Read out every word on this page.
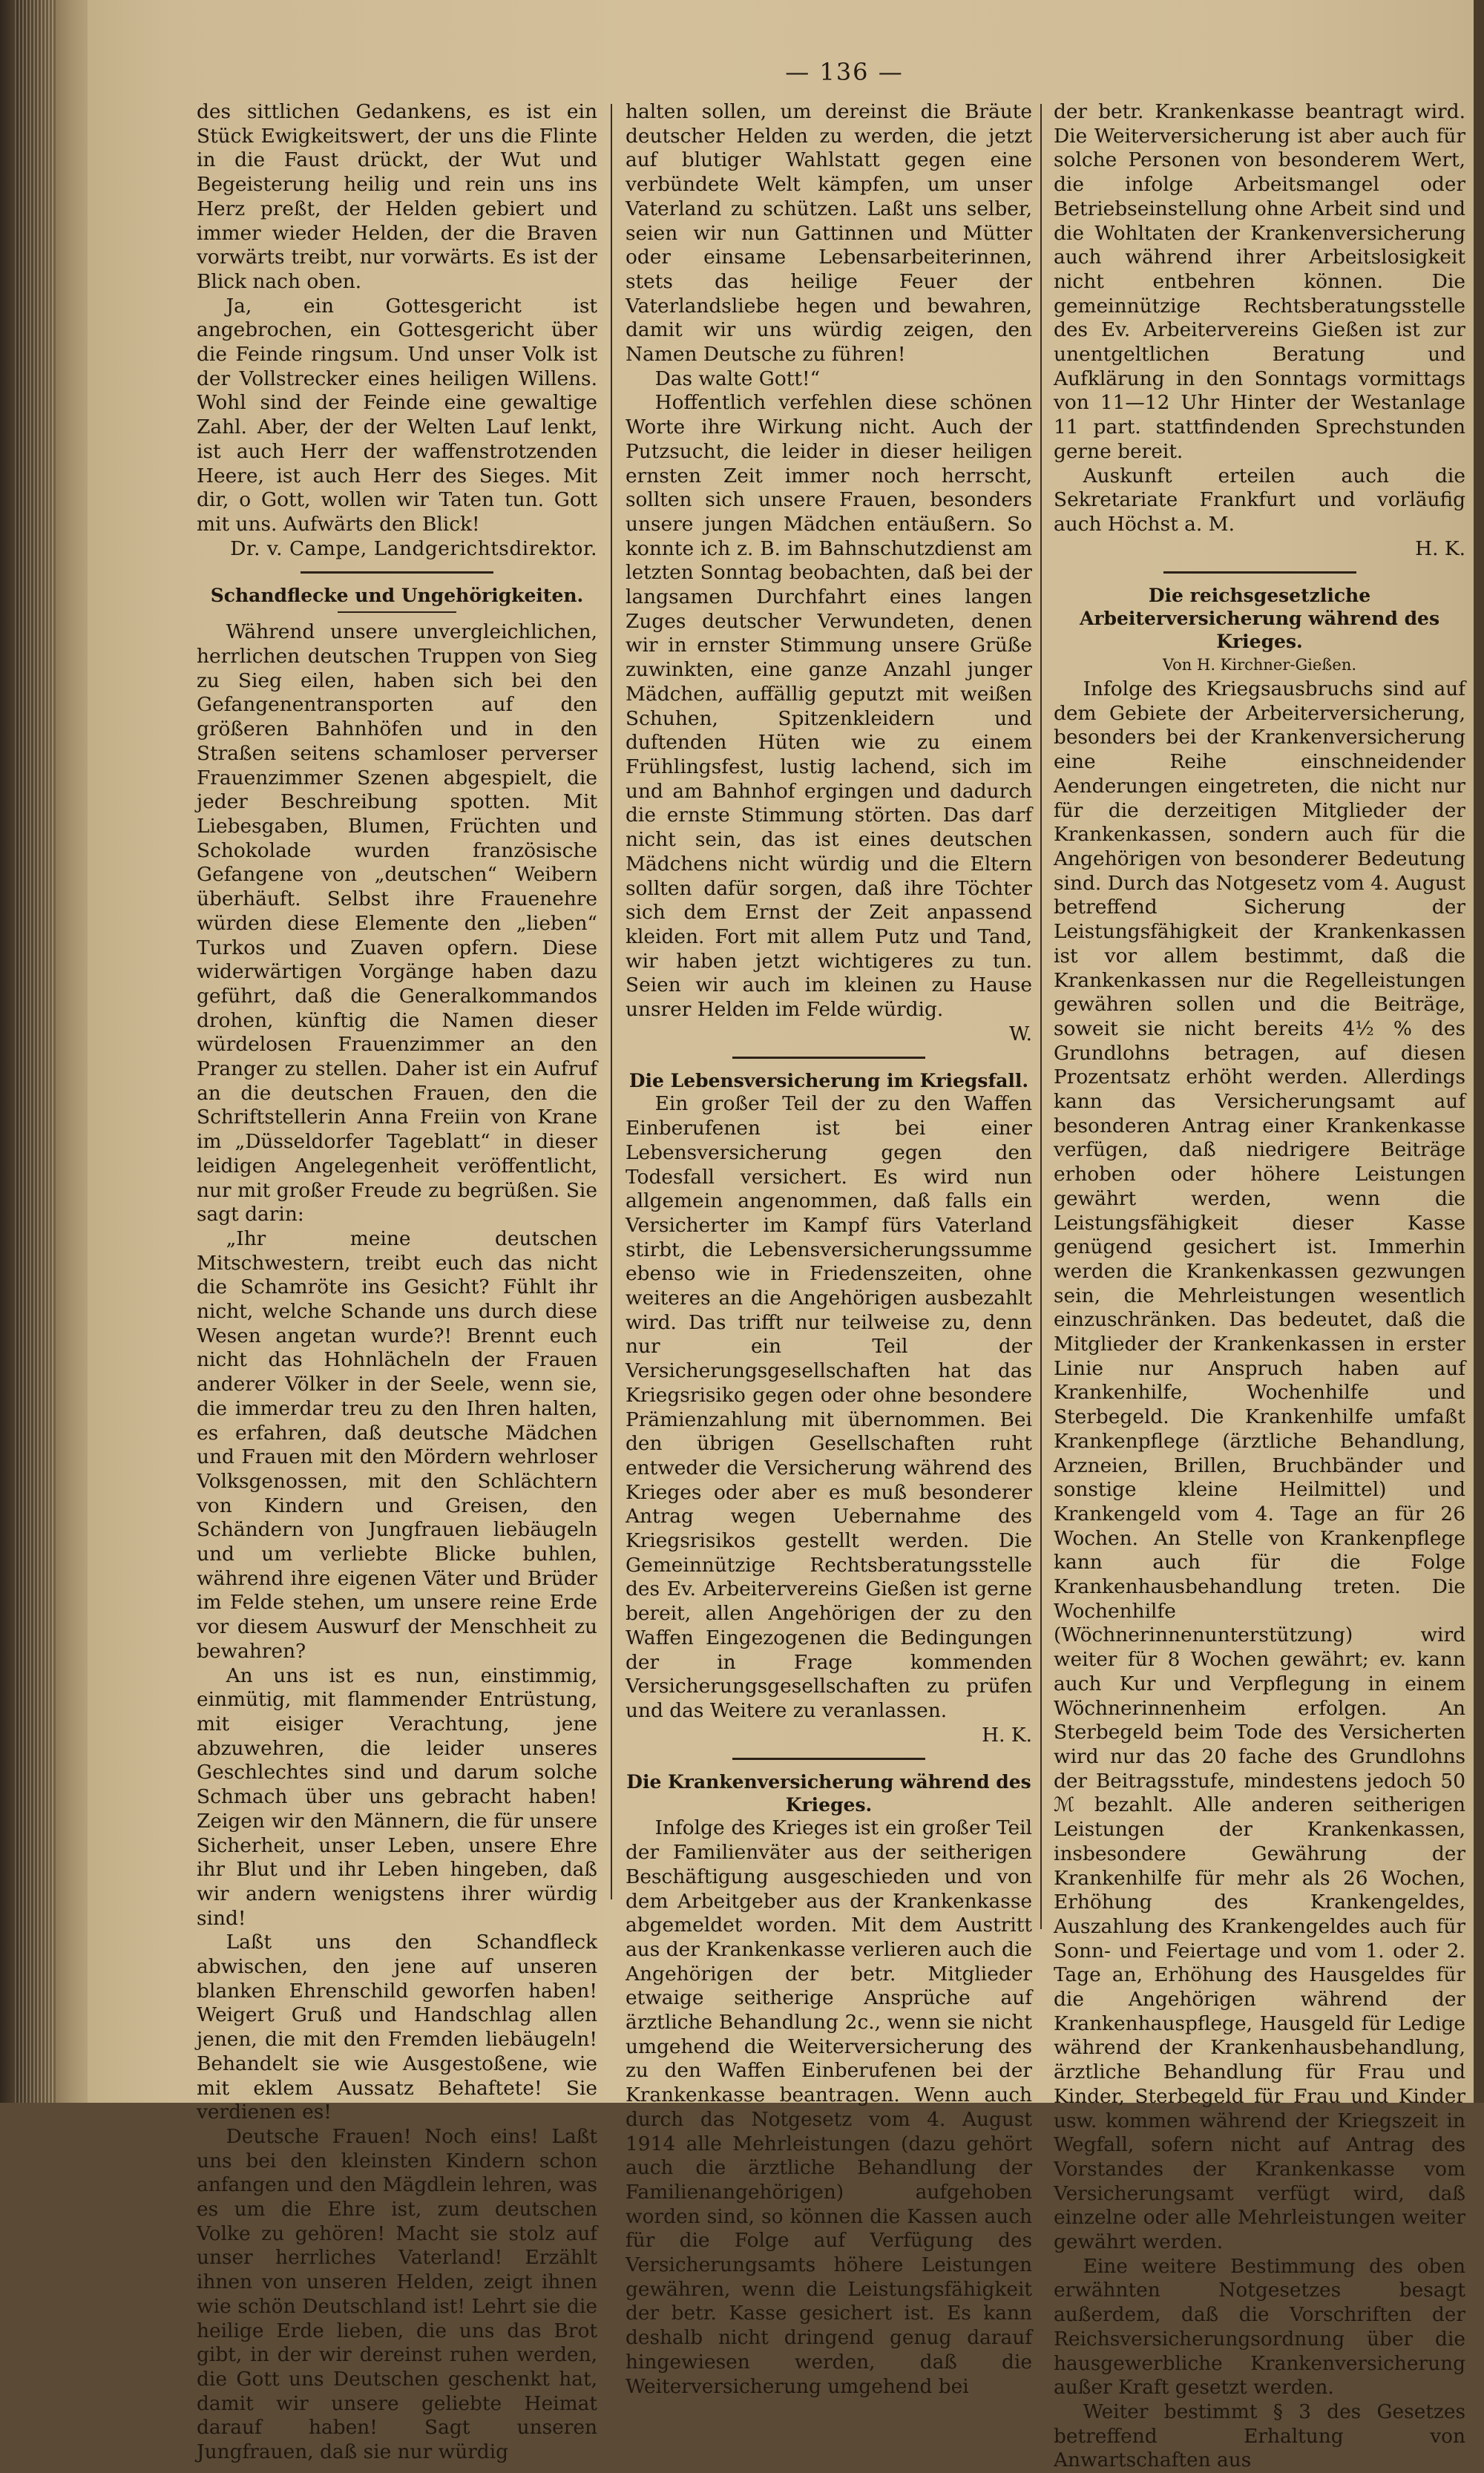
— 136 —

des sittlichen Gedankens, es ist ein Stück Ewigkeitswert, der uns die Flinte in die Faust drückt, der Wut und Begeisterung heilig und rein uns ins Herz preßt, der Helden gebiert und immer wieder Helden, der die Braven vorwärts treibt, nur vorwärts. Es ist der Blick nach oben.

Ja, ein Gottesgericht ist angebrochen, ein Gottesgericht über die Feinde ringsum. Und unser Volk ist der Vollstrecker eines heiligen Willens. Wohl sind der Feinde eine gewaltige Zahl. Aber, der der Welten Lauf lenkt, ist auch Herr der waffenstrotzenden Heere, ist auch Herr des Sieges. Mit dir, o Gott, wollen wir Taten tun. Gott mit uns. Aufwärts den Blick!

Dr. v. Campe, Landgerichtsdirektor.

Schandflecke und Ungehörigkeiten.

Während unsere unvergleichlichen, herrlichen deutschen Truppen von Sieg zu Sieg eilen, haben sich bei den Gefangenentransporten auf den größeren Bahnhöfen und in den Straßen seitens schamloser perverser Frauenzimmer Szenen abgespielt, die jeder Beschreibung spotten. Mit Liebesgaben, Blumen, Früchten und Schokolade wurden französische Gefangene von „deutschen“ Weibern überhäuft. Selbst ihre Frauenehre würden diese Elemente den „lieben“ Turkos und Zuaven opfern. Diese widerwärtigen Vorgänge haben dazu geführt, daß die Generalkommandos drohen, künftig die Namen dieser würdelosen Frauenzimmer an den Pranger zu stellen. Daher ist ein Aufruf an die deutschen Frauen, den die Schriftstellerin Anna Freiin von Krane im „Düsseldorfer Tageblatt“ in dieser leidigen Angelegenheit veröffentlicht, nur mit großer Freude zu begrüßen. Sie sagt darin:

„Ihr meine deutschen Mitschwestern, treibt euch das nicht die Schamröte ins Gesicht? Fühlt ihr nicht, welche Schande uns durch diese Wesen angetan wurde?! Brennt euch nicht das Hohnlächeln der Frauen anderer Völker in der Seele, wenn sie, die immerdar treu zu den Ihren halten, es erfahren, daß deutsche Mädchen und Frauen mit den Mördern wehrloser Volksgenossen, mit den Schlächtern von Kindern und Greisen, den Schändern von Jungfrauen liebäugeln und um verliebte Blicke buhlen, während ihre eigenen Väter und Brüder im Felde stehen, um unsere reine Erde vor diesem Auswurf der Menschheit zu bewahren?

An uns ist es nun, einstimmig, einmütig, mit flammender Entrüstung, mit eisiger Verachtung, jene abzuwehren, die leider unseres Geschlechtes sind und darum solche Schmach über uns gebracht haben! Zeigen wir den Männern, die für unsere Sicherheit, unser Leben, unsere Ehre ihr Blut und ihr Leben hingeben, daß wir andern wenigstens ihrer würdig sind!

Laßt uns den Schandfleck abwischen, den jene auf unseren blanken Ehrenschild geworfen haben! Weigert Gruß und Handschlag allen jenen, die mit den Fremden liebäugeln! Behandelt sie wie Ausgestoßene, wie mit eklem Aussatz Behaftete! Sie verdienen es!

Deutsche Frauen! Noch eins! Laßt uns bei den kleinsten Kindern schon anfangen und den Mägdlein lehren, was es um die Ehre ist, zum deutschen Volke zu gehören! Macht sie stolz auf unser herrliches Vaterland! Erzählt ihnen von unseren Helden, zeigt ihnen wie schön Deutschland ist! Lehrt sie die heilige Erde lieben, die uns das Brot gibt, in der wir dereinst ruhen werden, die Gott uns Deutschen geschenkt hat, damit wir unsere geliebte Heimat darauf haben! Sagt unseren Jungfrauen, daß sie nur würdig

halten sollen, um dereinst die Bräute deutscher Helden zu werden, die jetzt auf blutiger Wahlstatt gegen eine verbündete Welt kämpfen, um unser Vaterland zu schützen. Laßt uns selber, seien wir nun Gattinnen und Mütter oder einsame Lebensarbeiterinnen, stets das heilige Feuer der Vaterlandsliebe hegen und bewahren, damit wir uns würdig zeigen, den Namen Deutsche zu führen!

Das walte Gott!“

Hoffentlich verfehlen diese schönen Worte ihre Wirkung nicht. Auch der Putzsucht, die leider in dieser heiligen ernsten Zeit immer noch herrscht, sollten sich unsere Frauen, besonders unsere jungen Mädchen entäußern. So konnte ich z. B. im Bahnschutzdienst am letzten Sonntag beobachten, daß bei der langsamen Durchfahrt eines langen Zuges deutscher Verwundeten, denen wir in ernster Stimmung unsere Grüße zuwinkten, eine ganze Anzahl junger Mädchen, auffällig geputzt mit weißen Schuhen, Spitzenkleidern und duftenden Hüten wie zu einem Frühlingsfest, lustig lachend, sich im und am Bahnhof ergingen und dadurch die ernste Stimmung störten. Das darf nicht sein, das ist eines deutschen Mädchens nicht würdig und die Eltern sollten dafür sorgen, daß ihre Töchter sich dem Ernst der Zeit anpassend kleiden. Fort mit allem Putz und Tand, wir haben jetzt wichtigeres zu tun. Seien wir auch im kleinen zu Hause unsrer Helden im Felde würdig.

W.

Die Lebensversicherung im Kriegsfall.

Ein großer Teil der zu den Waffen Einberufenen ist bei einer Lebensversicherung gegen den Todesfall versichert. Es wird nun allgemein angenommen, daß falls ein Versicherter im Kampf fürs Vaterland stirbt, die Lebensversicherungssumme ebenso wie in Friedenszeiten, ohne weiteres an die Angehörigen ausbezahlt wird. Das trifft nur teilweise zu, denn nur ein Teil der Versicherungsgesellschaften hat das Kriegsrisiko gegen oder ohne besondere Prämienzahlung mit übernommen. Bei den übrigen Gesellschaften ruht entweder die Versicherung während des Krieges oder aber es muß besonderer Antrag wegen Uebernahme des Kriegsrisikos gestellt werden. Die Gemeinnützige Rechtsberatungsstelle des Ev. Arbeitervereins Gießen ist gerne bereit, allen Angehörigen der zu den Waffen Eingezogenen die Bedingungen der in Frage kommenden Versicherungsgesellschaften zu prüfen und das Weitere zu veranlassen.

H. K.

Die Krankenversicherung während des Krieges.

Infolge des Krieges ist ein großer Teil der Familienväter aus der seitherigen Beschäftigung ausgeschieden und von dem Arbeitgeber aus der Krankenkasse abgemeldet worden. Mit dem Austritt aus der Krankenkasse verlieren auch die Angehörigen der betr. Mitglieder etwaige seitherige Ansprüche auf ärztliche Behandlung 2c., wenn sie nicht umgehend die Weiterversicherung des zu den Waffen Einberufenen bei der Krankenkasse beantragen. Wenn auch durch das Notgesetz vom 4. August 1914 alle Mehrleistungen (dazu gehört auch die ärztliche Behandlung der Familienangehörigen) aufgehoben worden sind, so können die Kassen auch für die Folge auf Verfügung des Versicherungsamts höhere Leistungen gewähren, wenn die Leistungsfähigkeit der betr. Kasse gesichert ist. Es kann deshalb nicht dringend genug darauf hingewiesen werden, daß die Weiterversicherung umgehend bei

der betr. Krankenkasse beantragt wird. Die Weiterversicherung ist aber auch für solche Personen von besonderem Wert, die infolge Arbeitsmangel oder Betriebseinstellung ohne Arbeit sind und die Wohltaten der Krankenversicherung auch während ihrer Arbeitslosigkeit nicht entbehren können. Die gemeinnützige Rechtsberatungsstelle des Ev. Arbeitervereins Gießen ist zur unentgeltlichen Beratung und Aufklärung in den Sonntags vormittags von 11—12 Uhr Hinter der Westanlage 11 part. stattfindenden Sprechstunden gerne bereit.

Auskunft erteilen auch die Sekretariate Frankfurt und vorläufig auch Höchst a. M.

H. K.

Die reichsgesetzliche Arbeiterversicherung während des Krieges.

Von H. Kirchner-Gießen.

Infolge des Kriegsausbruchs sind auf dem Gebiete der Arbeiterversicherung, besonders bei der Krankenversicherung eine Reihe einschneidender Aenderungen eingetreten, die nicht nur für die derzeitigen Mitglieder der Krankenkassen, sondern auch für die Angehörigen von besonderer Bedeutung sind. Durch das Notgesetz vom 4. August betreffend Sicherung der Leistungsfähigkeit der Krankenkassen ist vor allem bestimmt, daß die Krankenkassen nur die Regelleistungen gewähren sollen und die Beiträge, soweit sie nicht bereits 4½ % des Grundlohns betragen, auf diesen Prozentsatz erhöht werden. Allerdings kann das Versicherungsamt auf besonderen Antrag einer Krankenkasse verfügen, daß niedrigere Beiträge erhoben oder höhere Leistungen gewährt werden, wenn die Leistungsfähigkeit dieser Kasse genügend gesichert ist. Immerhin werden die Krankenkassen gezwungen sein, die Mehrleistungen wesentlich einzuschränken. Das bedeutet, daß die Mitglieder der Krankenkassen in erster Linie nur Anspruch haben auf Krankenhilfe, Wochenhilfe und Sterbegeld. Die Krankenhilfe umfaßt Krankenpflege (ärztliche Behandlung, Arzneien, Brillen, Bruchbänder und sonstige kleine Heilmittel) und Krankengeld vom 4. Tage an für 26 Wochen. An Stelle von Krankenpflege kann auch für die Folge Krankenhausbehandlung treten. Die Wochenhilfe (Wöchnerinnenunterstützung) wird weiter für 8 Wochen gewährt; ev. kann auch Kur und Verpflegung in einem Wöchnerinnenheim erfolgen. An Sterbegeld beim Tode des Versicherten wird nur das 20 fache des Grundlohns der Beitragsstufe, mindestens jedoch 50 ℳ bezahlt. Alle anderen seitherigen Leistungen der Krankenkassen, insbesondere Gewährung der Krankenhilfe für mehr als 26 Wochen, Erhöhung des Krankengeldes, Auszahlung des Krankengeldes auch für Sonn- und Feiertage und vom 1. oder 2. Tage an, Erhöhung des Hausgeldes für die Angehörigen während der Krankenhauspflege, Hausgeld für Ledige während der Krankenhausbehandlung, ärztliche Behandlung für Frau und Kinder, Sterbegeld für Frau und Kinder usw. kommen während der Kriegszeit in Wegfall, sofern nicht auf Antrag des Vorstandes der Krankenkasse vom Versicherungsamt verfügt wird, daß einzelne oder alle Mehrleistungen weiter gewährt werden.

Eine weitere Bestimmung des oben erwähnten Notgesetzes besagt außerdem, daß die Vorschriften der Reichsversicherungsordnung über die hausgewerbliche Krankenversicherung außer Kraft gesetzt werden.

Weiter bestimmt § 3 des Gesetzes betreffend Erhaltung von Anwartschaften aus
